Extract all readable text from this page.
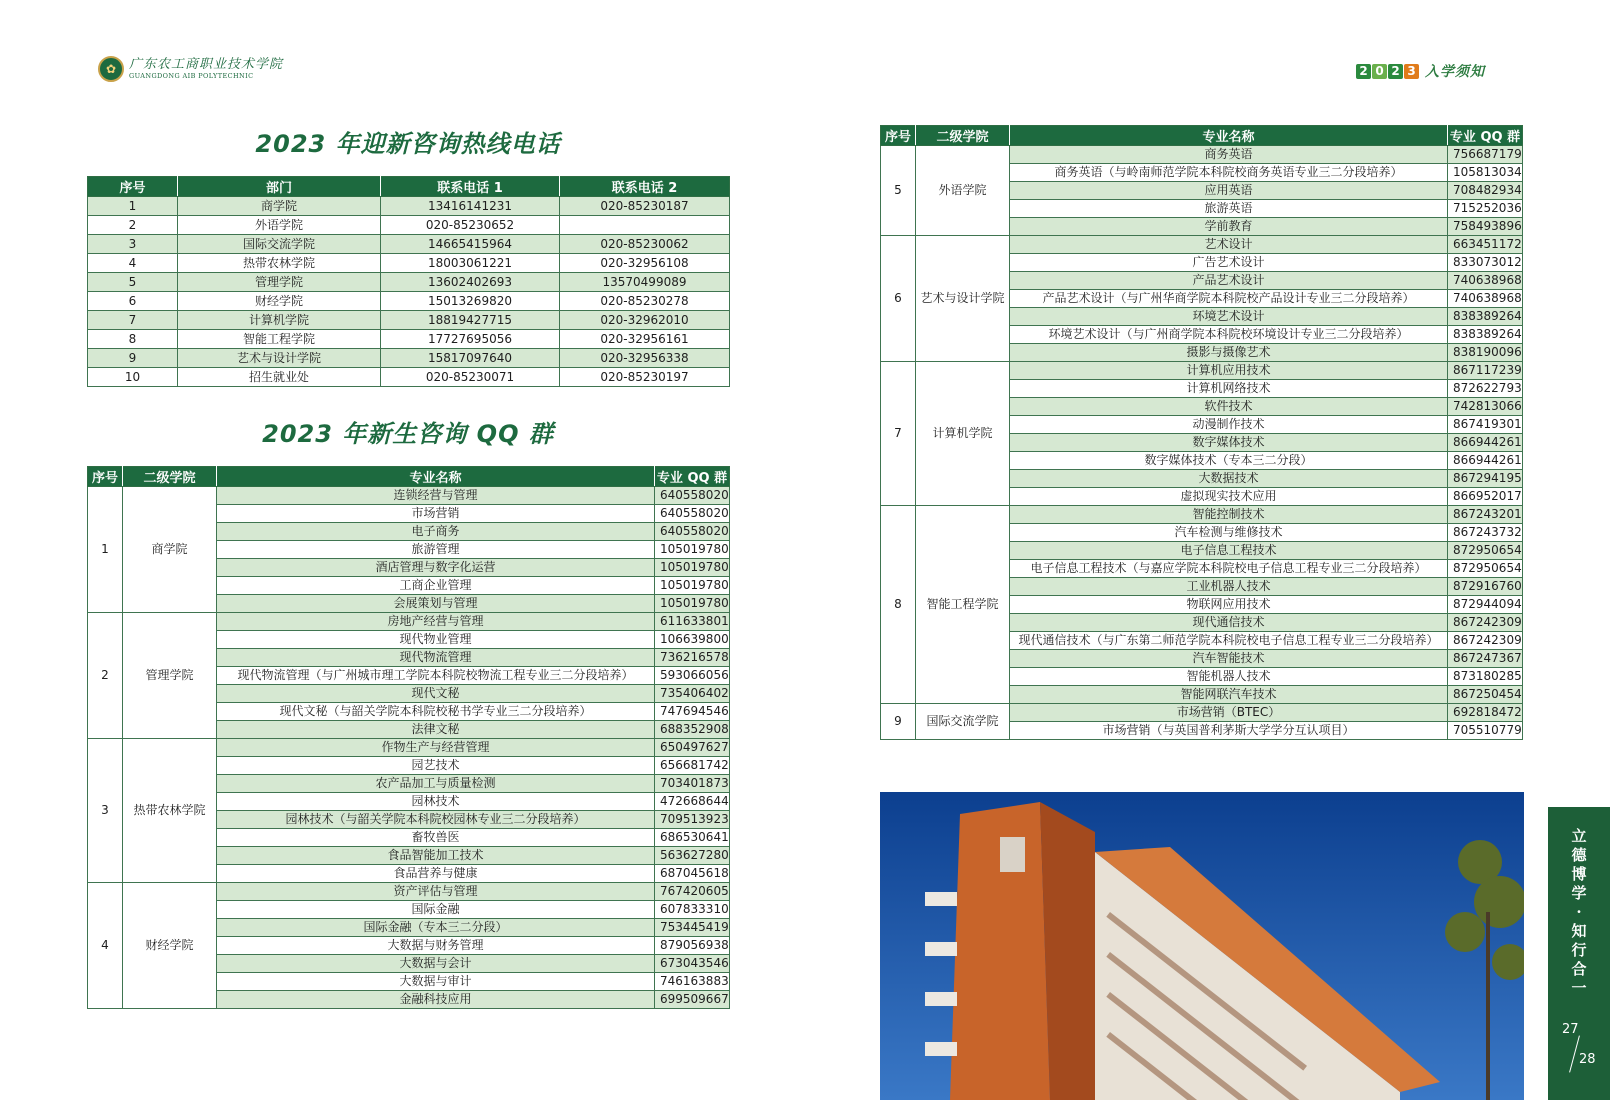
✿ 广东农工商职业技术学院
GUANGDONG AIB POLYTECHNIC	2 0 2 3 入学须知
2023 年迎新咨询热线电话
2023 年新生咨询 QQ 群
序号	部门	联系电话 1	联系电话 2
1	商学院	13416141231	020-85230187
2	外语学院	020-85230652	
3	国际交流学院	14665415964	020-85230062
4	热带农林学院	18003061221	020-32956108
5	管理学院	13602402693	13570499089
6	财经学院	15013269820	020-85230278
7	计算机学院	18819427715	020-32962010
8	智能工程学院	17727695056	020-32956161
9	艺术与设计学院	15817097640	020-32956338
10	招生就业处	020-85230071	020-85230197
序号	二级学院	专业名称	专业 QQ 群
1	商学院	连锁经营与管理	640558020
		市场营销	640558020
		电子商务	640558020
		旅游管理	105019780
		酒店管理与数字化运营	105019780
		工商企业管理	105019780
		会展策划与管理	105019780
2	管理学院	房地产经营与管理	611633801
		现代物业管理	106639800
		现代物流管理	736216578
		现代物流管理（与广州城市理工学院本科院校物流工程专业三二分段培养）	593066056
		现代文秘	735406402
		现代文秘（与韶关学院本科院校秘书学专业三二分段培养）	747694546
		法律文秘	688352908
3	热带农林学院	作物生产与经营管理	650497627
		园艺技术	656681742
		农产品加工与质量检测	703401873
		园林技术	472668644
		园林技术（与韶关学院本科院校园林专业三二分段培养）	709513923
		畜牧兽医	686530641
		食品智能加工技术	563627280
		食品营养与健康	687045618
4	财经学院	资产评估与管理	767420605
		国际金融	607833310
		国际金融（专本三二分段）	753445419
		大数据与财务管理	879056938
		大数据与会计	673043546
		大数据与审计	746163883
		金融科技应用	699509667
序号	二级学院	专业名称	专业 QQ 群
5	外语学院	商务英语	756687179
		商务英语（与岭南师范学院本科院校商务英语专业三二分段培养）	105813034
		应用英语	708482934
		旅游英语	715252036
		学前教育	758493896
6	艺术与设计学院	艺术设计	663451172
		广告艺术设计	833073012
		产品艺术设计	740638968
		产品艺术设计（与广州华商学院本科院校产品设计专业三二分段培养）	740638968
		环境艺术设计	838389264
		环境艺术设计（与广州商学院本科院校环境设计专业三二分段培养）	838389264
		摄影与摄像艺术	838190096
7	计算机学院	计算机应用技术	867117239
		计算机网络技术	872622793
		软件技术	742813066
		动漫制作技术	867419301
		数字媒体技术	866944261
		数字媒体技术（专本三二分段）	866944261
		大数据技术	867294195
		虚拟现实技术应用	866952017
8	智能工程学院	智能控制技术	867243201
		汽车检测与维修技术	867243732
		电子信息工程技术	872950654
		电子信息工程技术（与嘉应学院本科院校电子信息工程专业三二分段培养）	872950654
		工业机器人技术	872916760
		物联网应用技术	872944094
		现代通信技术	867242309
		现代通信技术（与广东第二师范学院本科院校电子信息工程专业三二分段培养）	867242309
		汽车智能技术	867247367
		智能机器人技术	873180285
		智能网联汽车技术	867250454
9	国际交流学院	市场营销（BTEC）	692818472
		市场营销（与英国普利茅斯大学学分互认项目）	705510779
立
德
博
学
·
知
行
合
一
27
28
